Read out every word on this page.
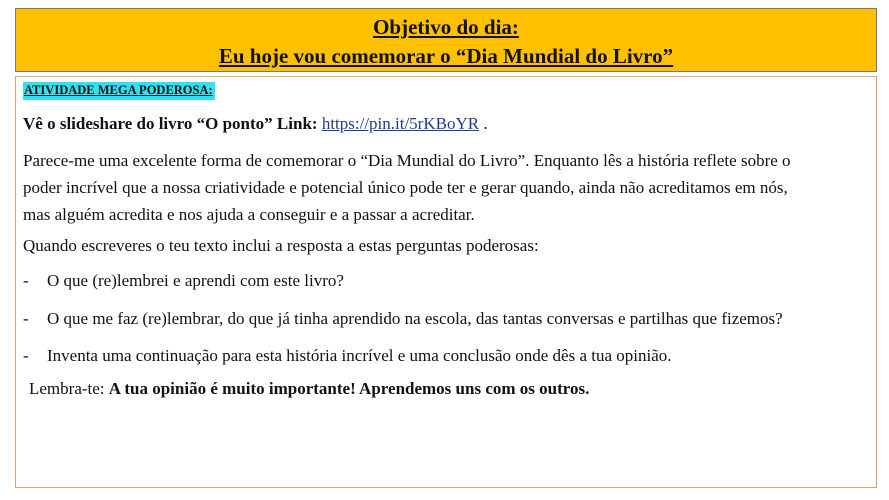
Objetivo do dia:
Eu hoje vou comemorar o “Dia Mundial do Livro”
ATIVIDADE MEGA PODEROSA:
Vê o slideshare do livro “O ponto” Link: https://pin.it/5rKBoYR .
Parece-me uma excelente forma de comemorar o “Dia Mundial do Livro”. Enquanto lês a história reflete sobre o
poder incrível que a nossa criatividade e potencial único pode ter e gerar quando, ainda não acreditamos em nós,
mas alguém acredita e nos ajuda a conseguir e a passar a acreditar.
Quando escreveres o teu texto inclui a resposta a estas perguntas poderosas:
- O que (re)lembrei e aprendi com este livro?
- O que me faz (re)lembrar, do que já tinha aprendido na escola, das tantas conversas e partilhas que fizemos?
- Inventa uma continuação para esta história incrível e uma conclusão onde dês a tua opinião.
Lembra-te: A tua opinião é muito importante! Aprendemos uns com os outros.
